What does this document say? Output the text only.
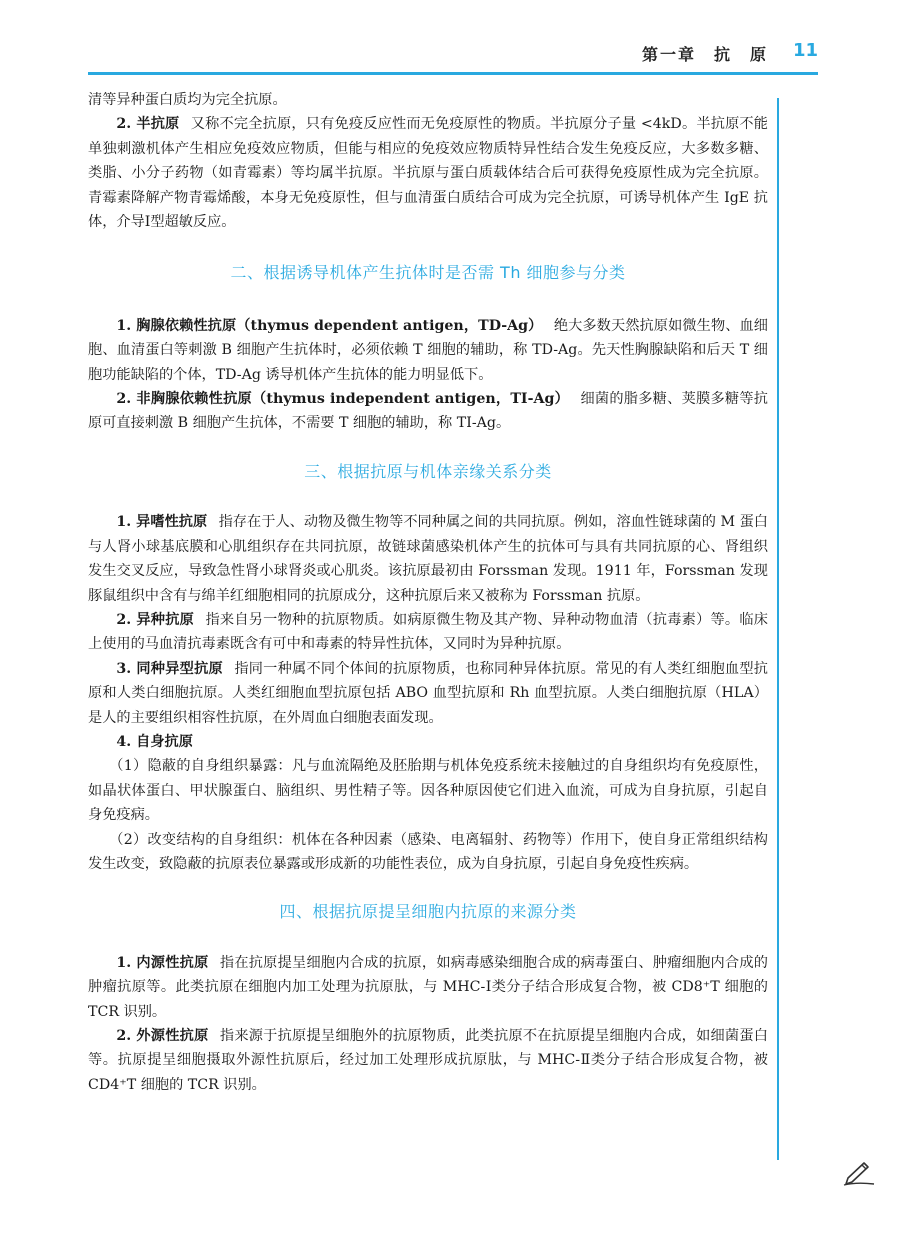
第一章　抗　原 11

清等异种蛋白质均为完全抗原。

2. 半抗原 又称不完全抗原，只有免疫反应性而无免疫原性的物质。半抗原分子量 <4kD。半抗原不能单独刺激机体产生相应免疫效应物质，但能与相应的免疫效应物质特异性结合发生免疫反应，大多数多糖、类脂、小分子药物（如青霉素）等均属半抗原。半抗原与蛋白质载体结合后可获得免疫原性成为完全抗原。青霉素降解产物青霉烯酸，本身无免疫原性，但与血清蛋白质结合可成为完全抗原，可诱导机体产生 IgE 抗体，介导Ⅰ型超敏反应。

二、根据诱导机体产生抗体时是否需 Th 细胞参与分类

1. 胸腺依赖性抗原（thymus dependent antigen，TD-Ag） 绝大多数天然抗原如微生物、血细胞、血清蛋白等刺激 B 细胞产生抗体时，必须依赖 T 细胞的辅助，称 TD-Ag。先天性胸腺缺陷和后天 T 细胞功能缺陷的个体，TD-Ag 诱导机体产生抗体的能力明显低下。

2. 非胸腺依赖性抗原（thymus independent antigen，TI-Ag） 细菌的脂多糖、荚膜多糖等抗原可直接刺激 B 细胞产生抗体，不需要 T 细胞的辅助，称 TI-Ag。

三、根据抗原与机体亲缘关系分类

1. 异嗜性抗原 指存在于人、动物及微生物等不同种属之间的共同抗原。例如，溶血性链球菌的 M 蛋白与人肾小球基底膜和心肌组织存在共同抗原，故链球菌感染机体产生的抗体可与具有共同抗原的心、肾组织发生交叉反应，导致急性肾小球肾炎或心肌炎。该抗原最初由 Forssman 发现。1911 年，Forssman 发现豚鼠组织中含有与绵羊红细胞相同的抗原成分，这种抗原后来又被称为 Forssman 抗原。

2. 异种抗原 指来自另一物种的抗原物质。如病原微生物及其产物、异种动物血清（抗毒素）等。临床上使用的马血清抗毒素既含有可中和毒素的特异性抗体，又同时为异种抗原。

3. 同种异型抗原 指同一种属不同个体间的抗原物质，也称同种异体抗原。常见的有人类红细胞血型抗原和人类白细胞抗原。人类红细胞血型抗原包括 ABO 血型抗原和 Rh 血型抗原。人类白细胞抗原（HLA）是人的主要组织相容性抗原，在外周血白细胞表面发现。

4. 自身抗原

（1）隐蔽的自身组织暴露：凡与血流隔绝及胚胎期与机体免疫系统未接触过的自身组织均有免疫原性，如晶状体蛋白、甲状腺蛋白、脑组织、男性精子等。因各种原因使它们进入血流，可成为自身抗原，引起自身免疫病。

（2）改变结构的自身组织：机体在各种因素（感染、电离辐射、药物等）作用下，使自身正常组织结构发生改变，致隐蔽的抗原表位暴露或形成新的功能性表位，成为自身抗原，引起自身免疫性疾病。

四、根据抗原提呈细胞内抗原的来源分类

1. 内源性抗原 指在抗原提呈细胞内合成的抗原，如病毒感染细胞合成的病毒蛋白、肿瘤细胞内合成的肿瘤抗原等。此类抗原在细胞内加工处理为抗原肽，与 MHC-Ⅰ类分子结合形成复合物，被 CD8⁺T 细胞的 TCR 识别。

2. 外源性抗原 指来源于抗原提呈细胞外的抗原物质，此类抗原不在抗原提呈细胞内合成，如细菌蛋白等。抗原提呈细胞摄取外源性抗原后，经过加工处理形成抗原肽，与 MHC-Ⅱ类分子结合形成复合物，被 CD4⁺T 细胞的 TCR 识别。
